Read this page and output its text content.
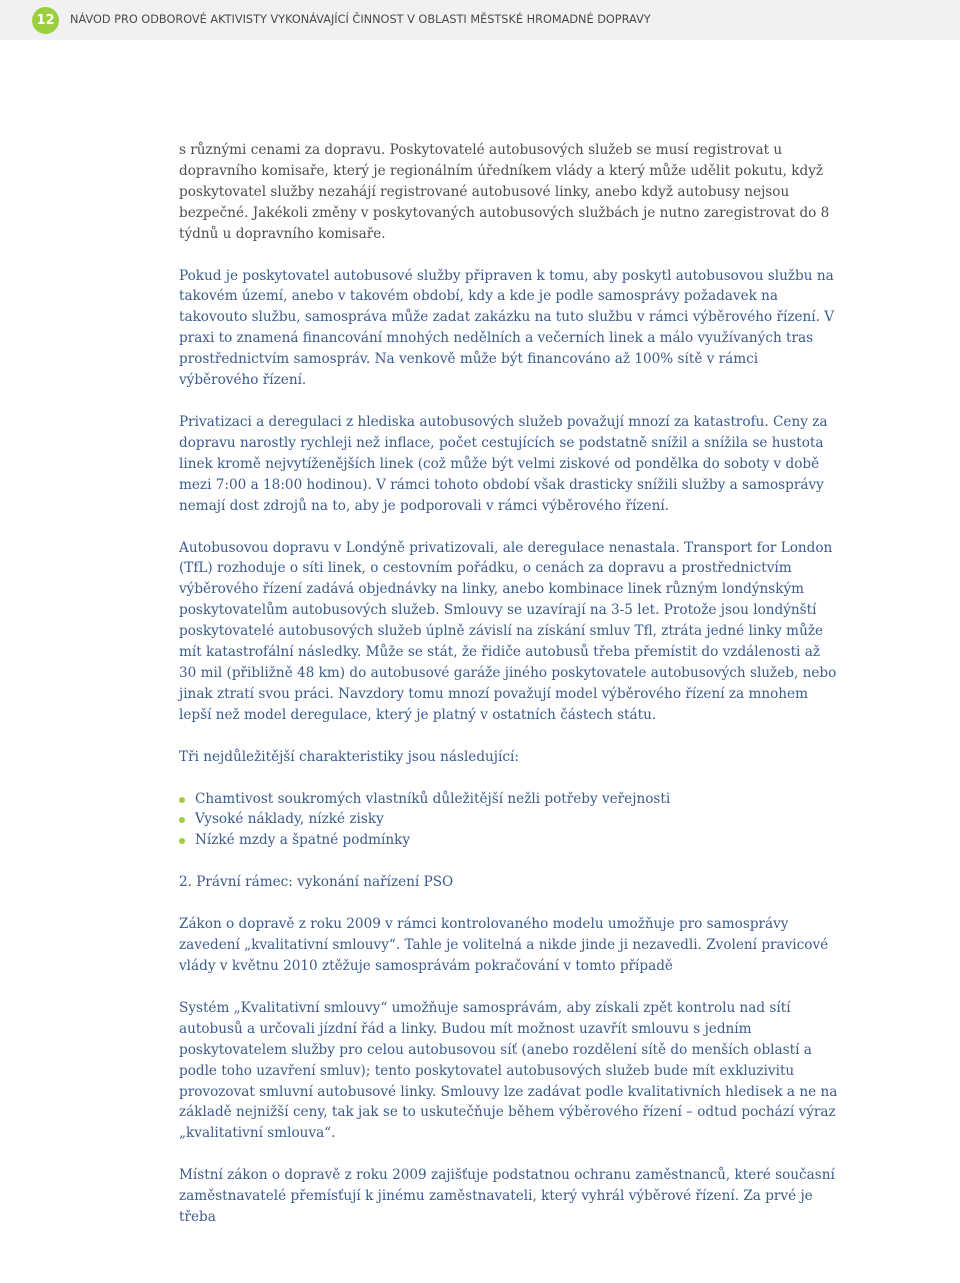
12	NÁVOD PRO ODBOROVÉ AKTIVISTY VYKONÁVAJÍCÍ ČINNOST V OBLASTI MĚSTSKÉ HROMADNÉ DOPRAVY

s různými cenami za dopravu. Poskytovatelé autobusových služeb se musí registrovat u dopravního komisaře, který je regionálním úředníkem vlády a který může udělit pokutu, když poskytovatel služby nezahájí registrované autobusové linky, anebo když autobusy nejsou bezpečné. Jakékoli změny v poskytovaných autobusových službách je nutno zaregistrovat do 8 týdnů u dopravního komisaře.

Pokud je poskytovatel autobusové služby připraven k tomu, aby poskytl autobusovou službu na takovém území, anebo v takovém období, kdy a kde je podle samosprávy požadavek na takovouto službu, samospráva může zadat zakázku na tuto službu v rámci výběrového řízení. V praxi to znamená financování mnohých nedělních a večerních linek a málo využívaných tras prostřednictvím samospráv. Na venkově může být financováno až 100% sítě v rámci výběrového řízení.

Privatizaci a deregulaci z hlediska autobusových služeb považují mnozí za katastrofu. Ceny za dopravu narostly rychleji než inflace, počet cestujících se podstatně snížil a snížila se hustota linek kromě nejvytíženějších linek (což může být velmi ziskové od pondělka do soboty v době mezi 7:00 a 18:00 hodinou). V rámci tohoto období však drasticky snížili služby a samosprávy nemají dost zdrojů na to, aby je podporovali v rámci výběrového řízení.

Autobusovou dopravu v Londýně privatizovali, ale deregulace nenastala. Transport for London (TfL) rozhoduje o síti linek, o cestovním pořádku, o cenách za dopravu a prostřednictvím výběrového řízení zadává objednávky na linky, anebo kombinace linek různým londýnským poskytovatelům autobusových služeb. Smlouvy se uzavírají na 3-5 let. Protože jsou londýnští poskytovatelé autobusových služeb úplně závislí na získání smluv Tfl, ztráta jedné linky může mít katastrofální následky. Může se stát, že řidiče autobusů třeba přemístit do vzdálenosti až 30 mil (přibližně 48 km) do autobusové garáže jiného poskytovatele autobusových služeb, nebo jinak ztratí svou práci. Navzdory tomu mnozí považují model výběrového řízení za mnohem lepší než model deregulace, který je platný v ostatních částech státu.

Tři nejdůležitější charakteristiky jsou následující:

Chamtivost soukromých vlastníků důležitější nežli potřeby veřejnosti
Vysoké náklady, nízké zisky
Nízké mzdy a špatné podmínky

2. Právní rámec: vykonání nařízení PSO

Zákon o dopravě z roku 2009 v rámci kontrolovaného modelu umožňuje pro samosprávy zavedení „kvalitativní smlouvy“. Tahle je volitelná a nikde jinde ji nezavedli. Zvolení pravicové vlády v květnu 2010 ztěžuje samosprávám pokračování v tomto případě

Systém „Kvalitativní smlouvy“ umožňuje samosprávám, aby získali zpět kontrolu nad sítí autobusů a určovali jízdní řád a linky. Budou mít možnost uzavřít smlouvu s jedním poskytovatelem služby pro celou autobusovou síť (anebo rozdělení sítě do menších oblastí a podle toho uzavření smluv); tento poskytovatel autobusových služeb bude mít exkluzivitu provozovat smluvní autobusové linky. Smlouvy lze zadávat podle kvalitativních hledisek a ne na základě nejnižší ceny, tak jak se to uskutečňuje během výběrového řízení – odtud pochází výraz „kvalitativní smlouva“.

Místní zákon o dopravě z roku 2009 zajišťuje podstatnou ochranu zaměstnanců, které současní zaměstnavatelé přemísťují k jinému zaměstnavateli, který vyhrál výběrové řízení. Za prvé je třeba
